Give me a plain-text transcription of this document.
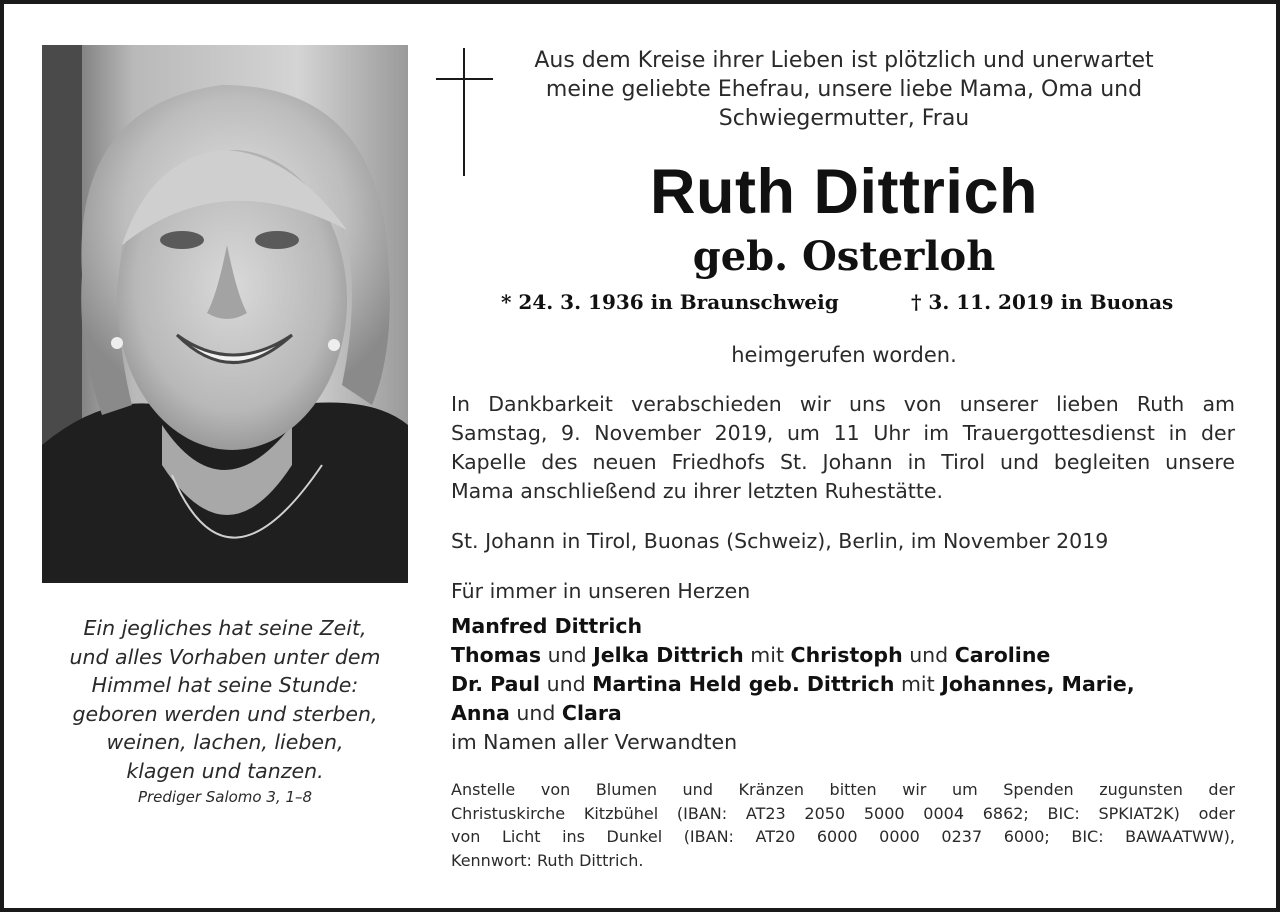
Ein jegliches hat seine Zeit,
und alles Vorhaben unter dem
Himmel hat seine Stunde:
geboren werden und sterben,
weinen, lachen, lieben,
klagen und tanzen.
Prediger Salomo 3, 1–8
Aus dem Kreise ihrer Lieben ist plötzlich und unerwartet
meine geliebte Ehefrau, unsere liebe Mama, Oma und
Schwiegermutter, Frau
Ruth Dittrich
geb. Osterloh
* 24. 3. 1936 in Braunschweig	† 3. 11. 2019 in Buonas
heimgerufen worden.
In Dankbarkeit verabschieden wir uns von unserer lieben Ruth am
Samstag, 9. November 2019, um 11 Uhr im Trauergottesdienst in der
Kapelle des neuen Friedhofs St. Johann in Tirol und begleiten unsere
Mama anschließend zu ihrer letzten Ruhestätte.
St. Johann in Tirol, Buonas (Schweiz), Berlin, im November 2019
Für immer in unseren Herzen
Manfred Dittrich
Thomas und Jelka Dittrich mit Christoph und Caroline
Dr. Paul und Martina Held geb. Dittrich mit Johannes, Marie,
Anna und Clara
im Namen aller Verwandten
Anstelle von Blumen und Kränzen bitten wir um Spenden zugunsten der
Christuskirche Kitzbühel (IBAN: AT23 2050 5000 0004 6862; BIC: SPKIAT2K) oder
von Licht ins Dunkel (IBAN: AT20 6000 0000 0237 6000; BIC: BAWAATWW),
Kennwort: Ruth Dittrich.
